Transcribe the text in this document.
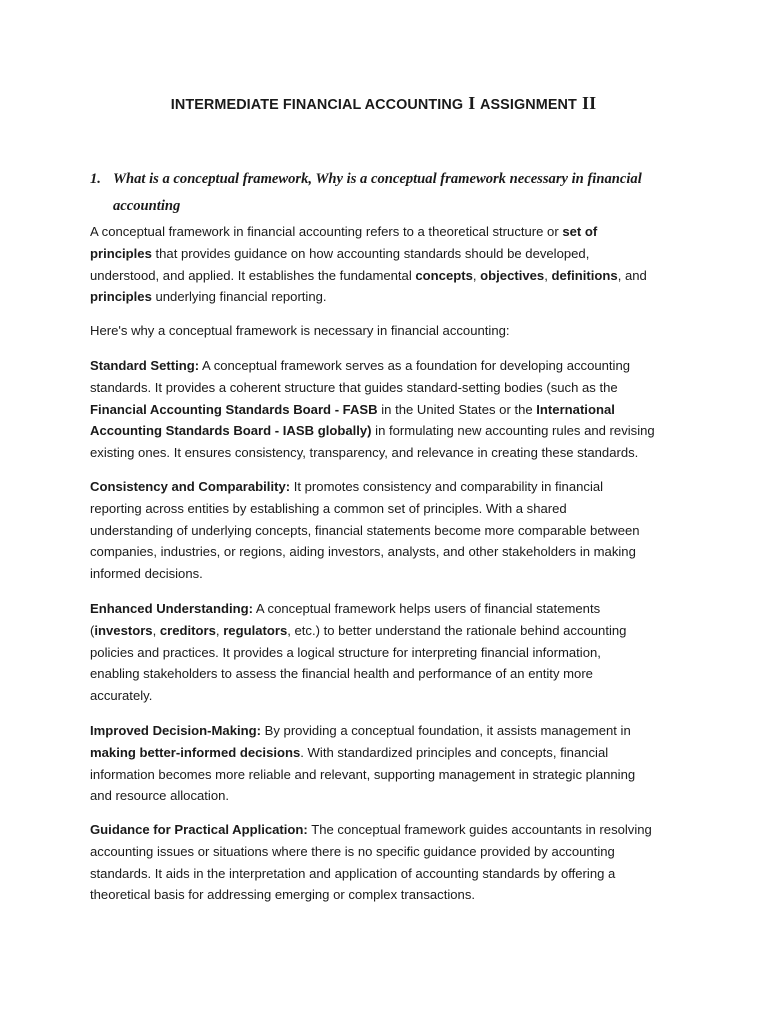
INTERMEDIATE FINANCIAL ACCOUNTING I ASSIGNMENT II
1. What is a conceptual framework, Why is a conceptual framework necessary in financial
accounting
A conceptual framework in financial accounting refers to a theoretical structure or set of
principles that provides guidance on how accounting standards should be developed,
understood, and applied. It establishes the fundamental concepts, objectives, definitions, and
principles underlying financial reporting.
Here's why a conceptual framework is necessary in financial accounting:
Standard Setting: A conceptual framework serves as a foundation for developing accounting
standards. It provides a coherent structure that guides standard-setting bodies (such as the
Financial Accounting Standards Board - FASB in the United States or the International
Accounting Standards Board - IASB globally) in formulating new accounting rules and revising
existing ones. It ensures consistency, transparency, and relevance in creating these standards.
Consistency and Comparability: It promotes consistency and comparability in financial
reporting across entities by establishing a common set of principles. With a shared
understanding of underlying concepts, financial statements become more comparable between
companies, industries, or regions, aiding investors, analysts, and other stakeholders in making
informed decisions.
Enhanced Understanding: A conceptual framework helps users of financial statements
(investors, creditors, regulators, etc.) to better understand the rationale behind accounting
policies and practices. It provides a logical structure for interpreting financial information,
enabling stakeholders to assess the financial health and performance of an entity more
accurately.
Improved Decision-Making: By providing a conceptual foundation, it assists management in
making better-informed decisions. With standardized principles and concepts, financial
information becomes more reliable and relevant, supporting management in strategic planning
and resource allocation.
Guidance for Practical Application: The conceptual framework guides accountants in resolving
accounting issues or situations where there is no specific guidance provided by accounting
standards. It aids in the interpretation and application of accounting standards by offering a
theoretical basis for addressing emerging or complex transactions.
